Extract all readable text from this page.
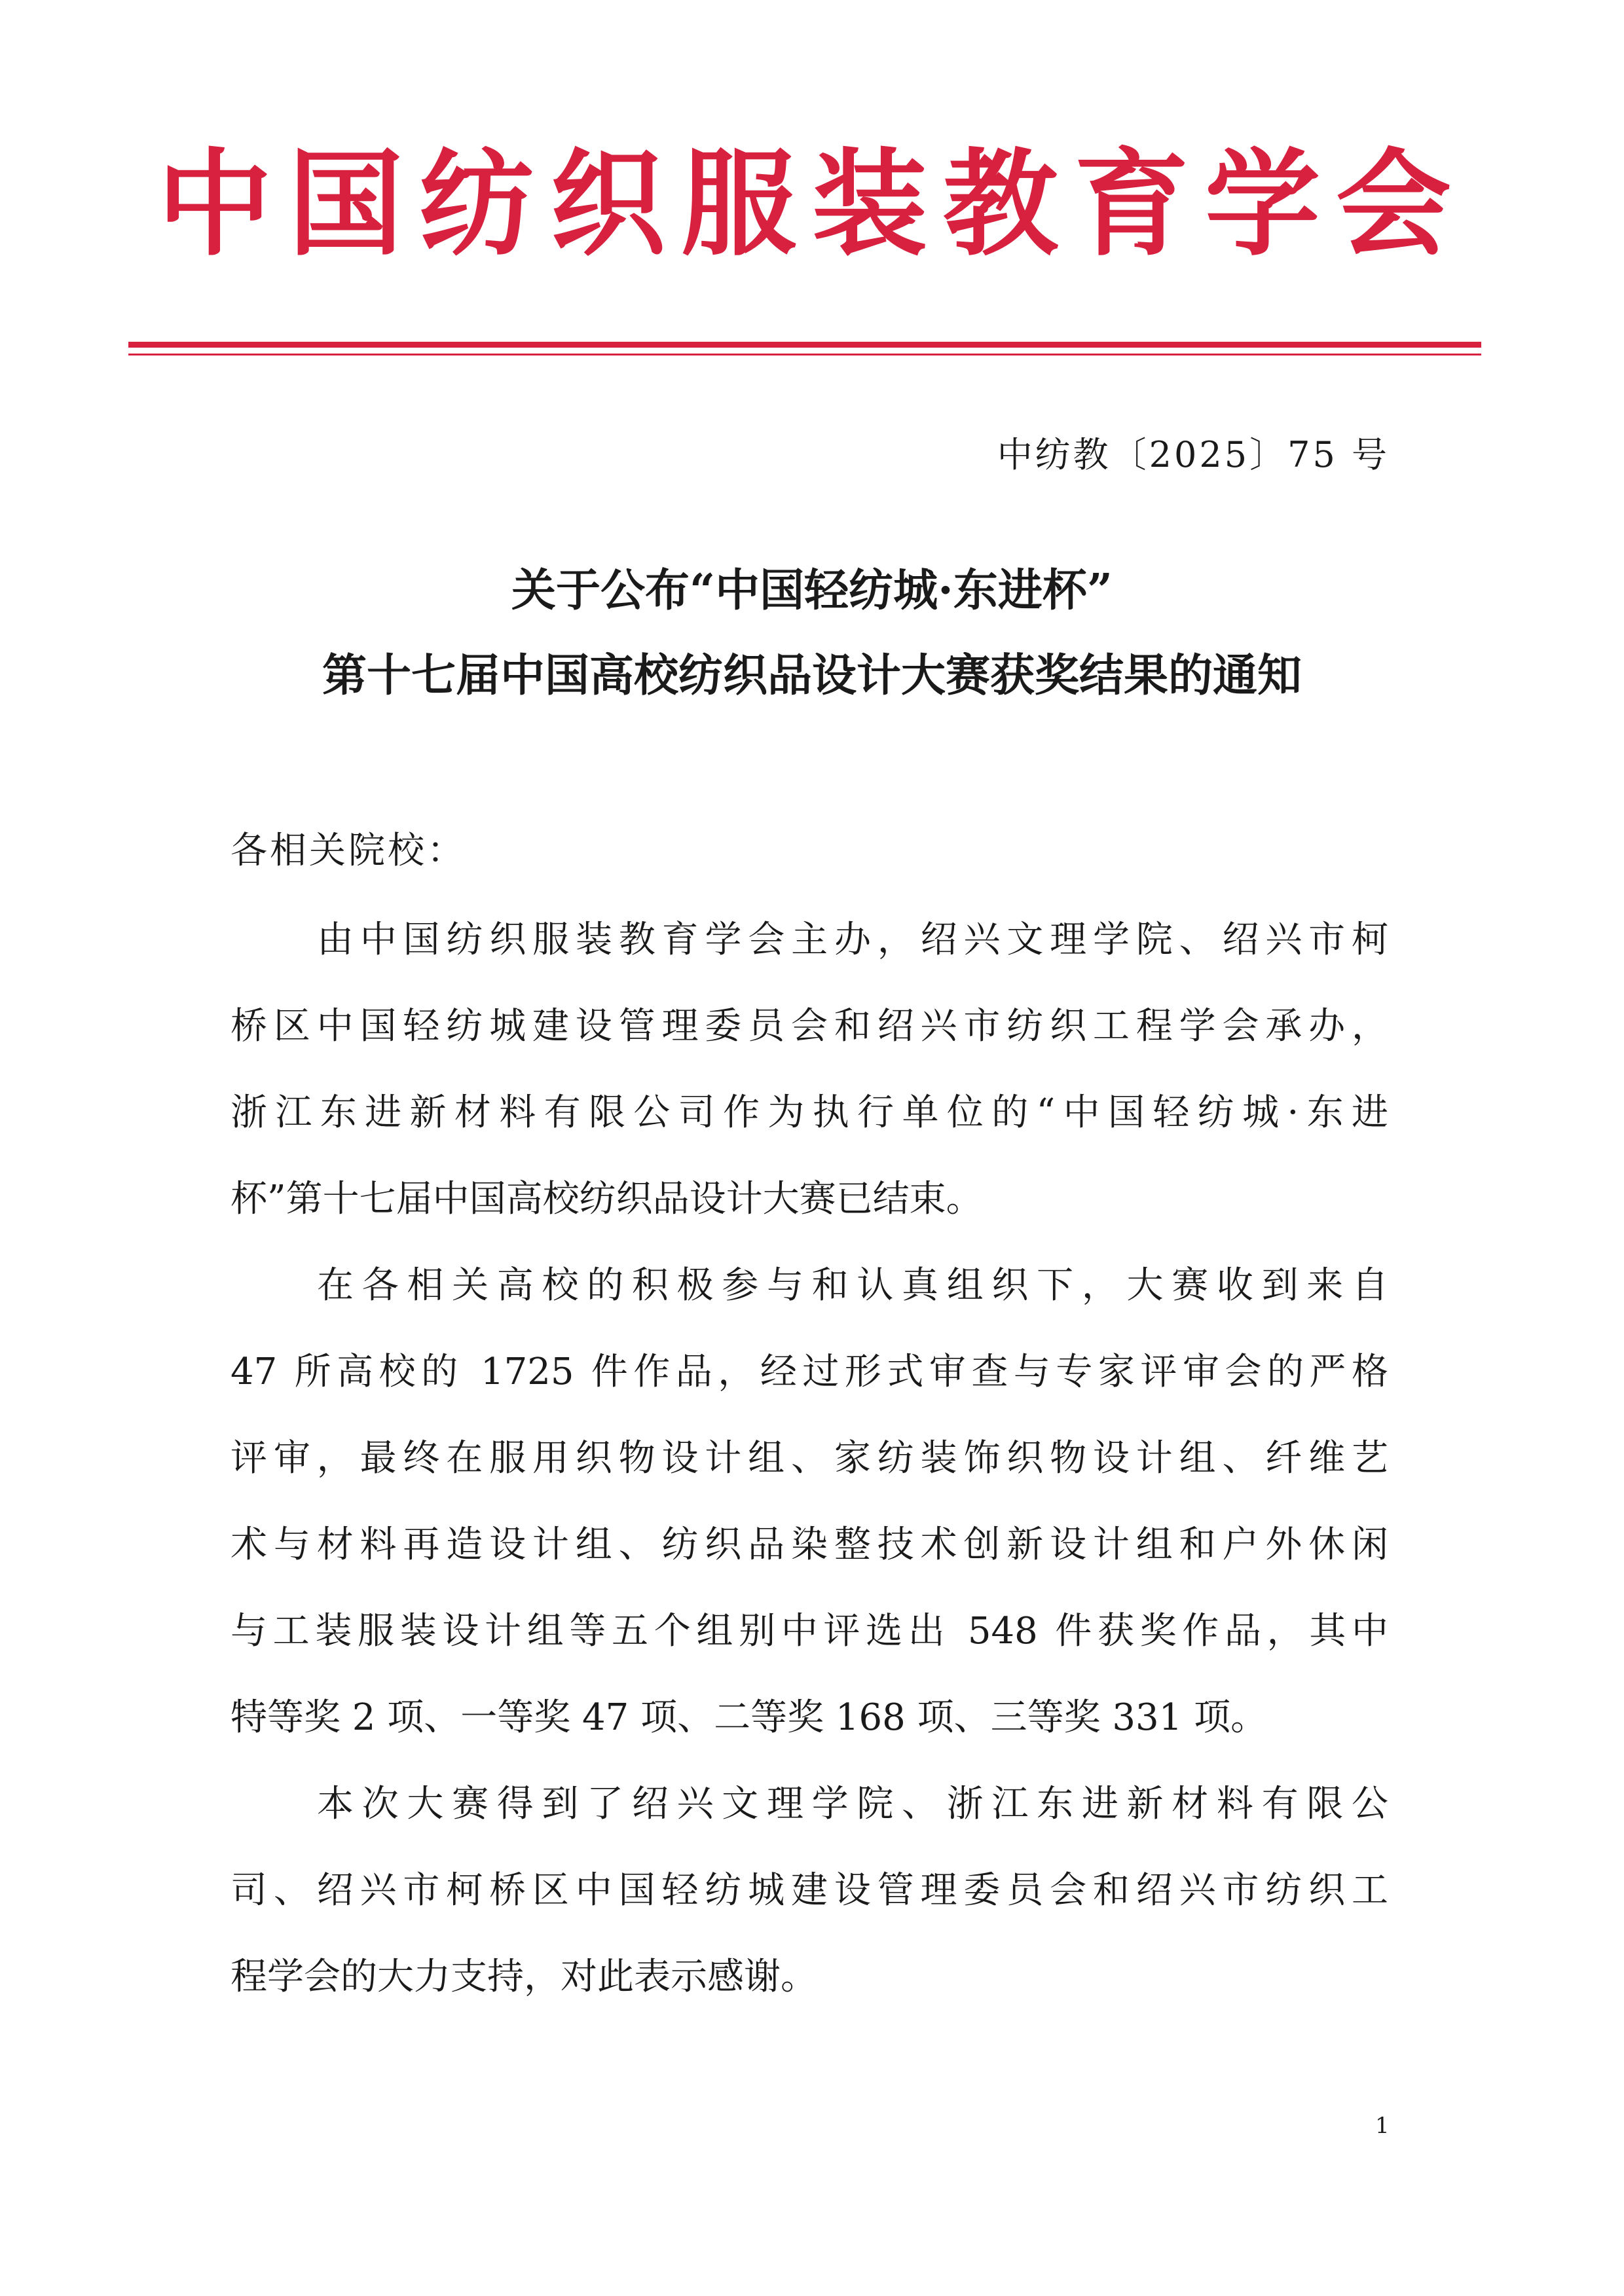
中国纺织服装教育学会
中纺教〔2025〕75 号
关于公布“中国轻纺城·东进杯”
第十七届中国高校纺织品设计大赛获奖结果的通知
各相关院校：
由中国纺织服装教育学会主办，绍兴文理学院、绍兴市柯
桥区中国轻纺城建设管理委员会和绍兴市纺织工程学会承办，
浙江东进新材料有限公司作为执行单位的“中国轻纺城·东进
杯”第十七届中国高校纺织品设计大赛已结束。
在各相关高校的积极参与和认真组织下，大赛收到来自
47 所高校的 1725 件作品，经过形式审查与专家评审会的严格
评审，最终在服用织物设计组、家纺装饰织物设计组、纤维艺
术与材料再造设计组、纺织品染整技术创新设计组和户外休闲
与工装服装设计组等五个组别中评选出 548 件获奖作品，其中
特等奖 2 项、一等奖 47 项、二等奖 168 项、三等奖 331 项。
本次大赛得到了绍兴文理学院、浙江东进新材料有限公
司、绍兴市柯桥区中国轻纺城建设管理委员会和绍兴市纺织工
程学会的大力支持，对此表示感谢。
1
